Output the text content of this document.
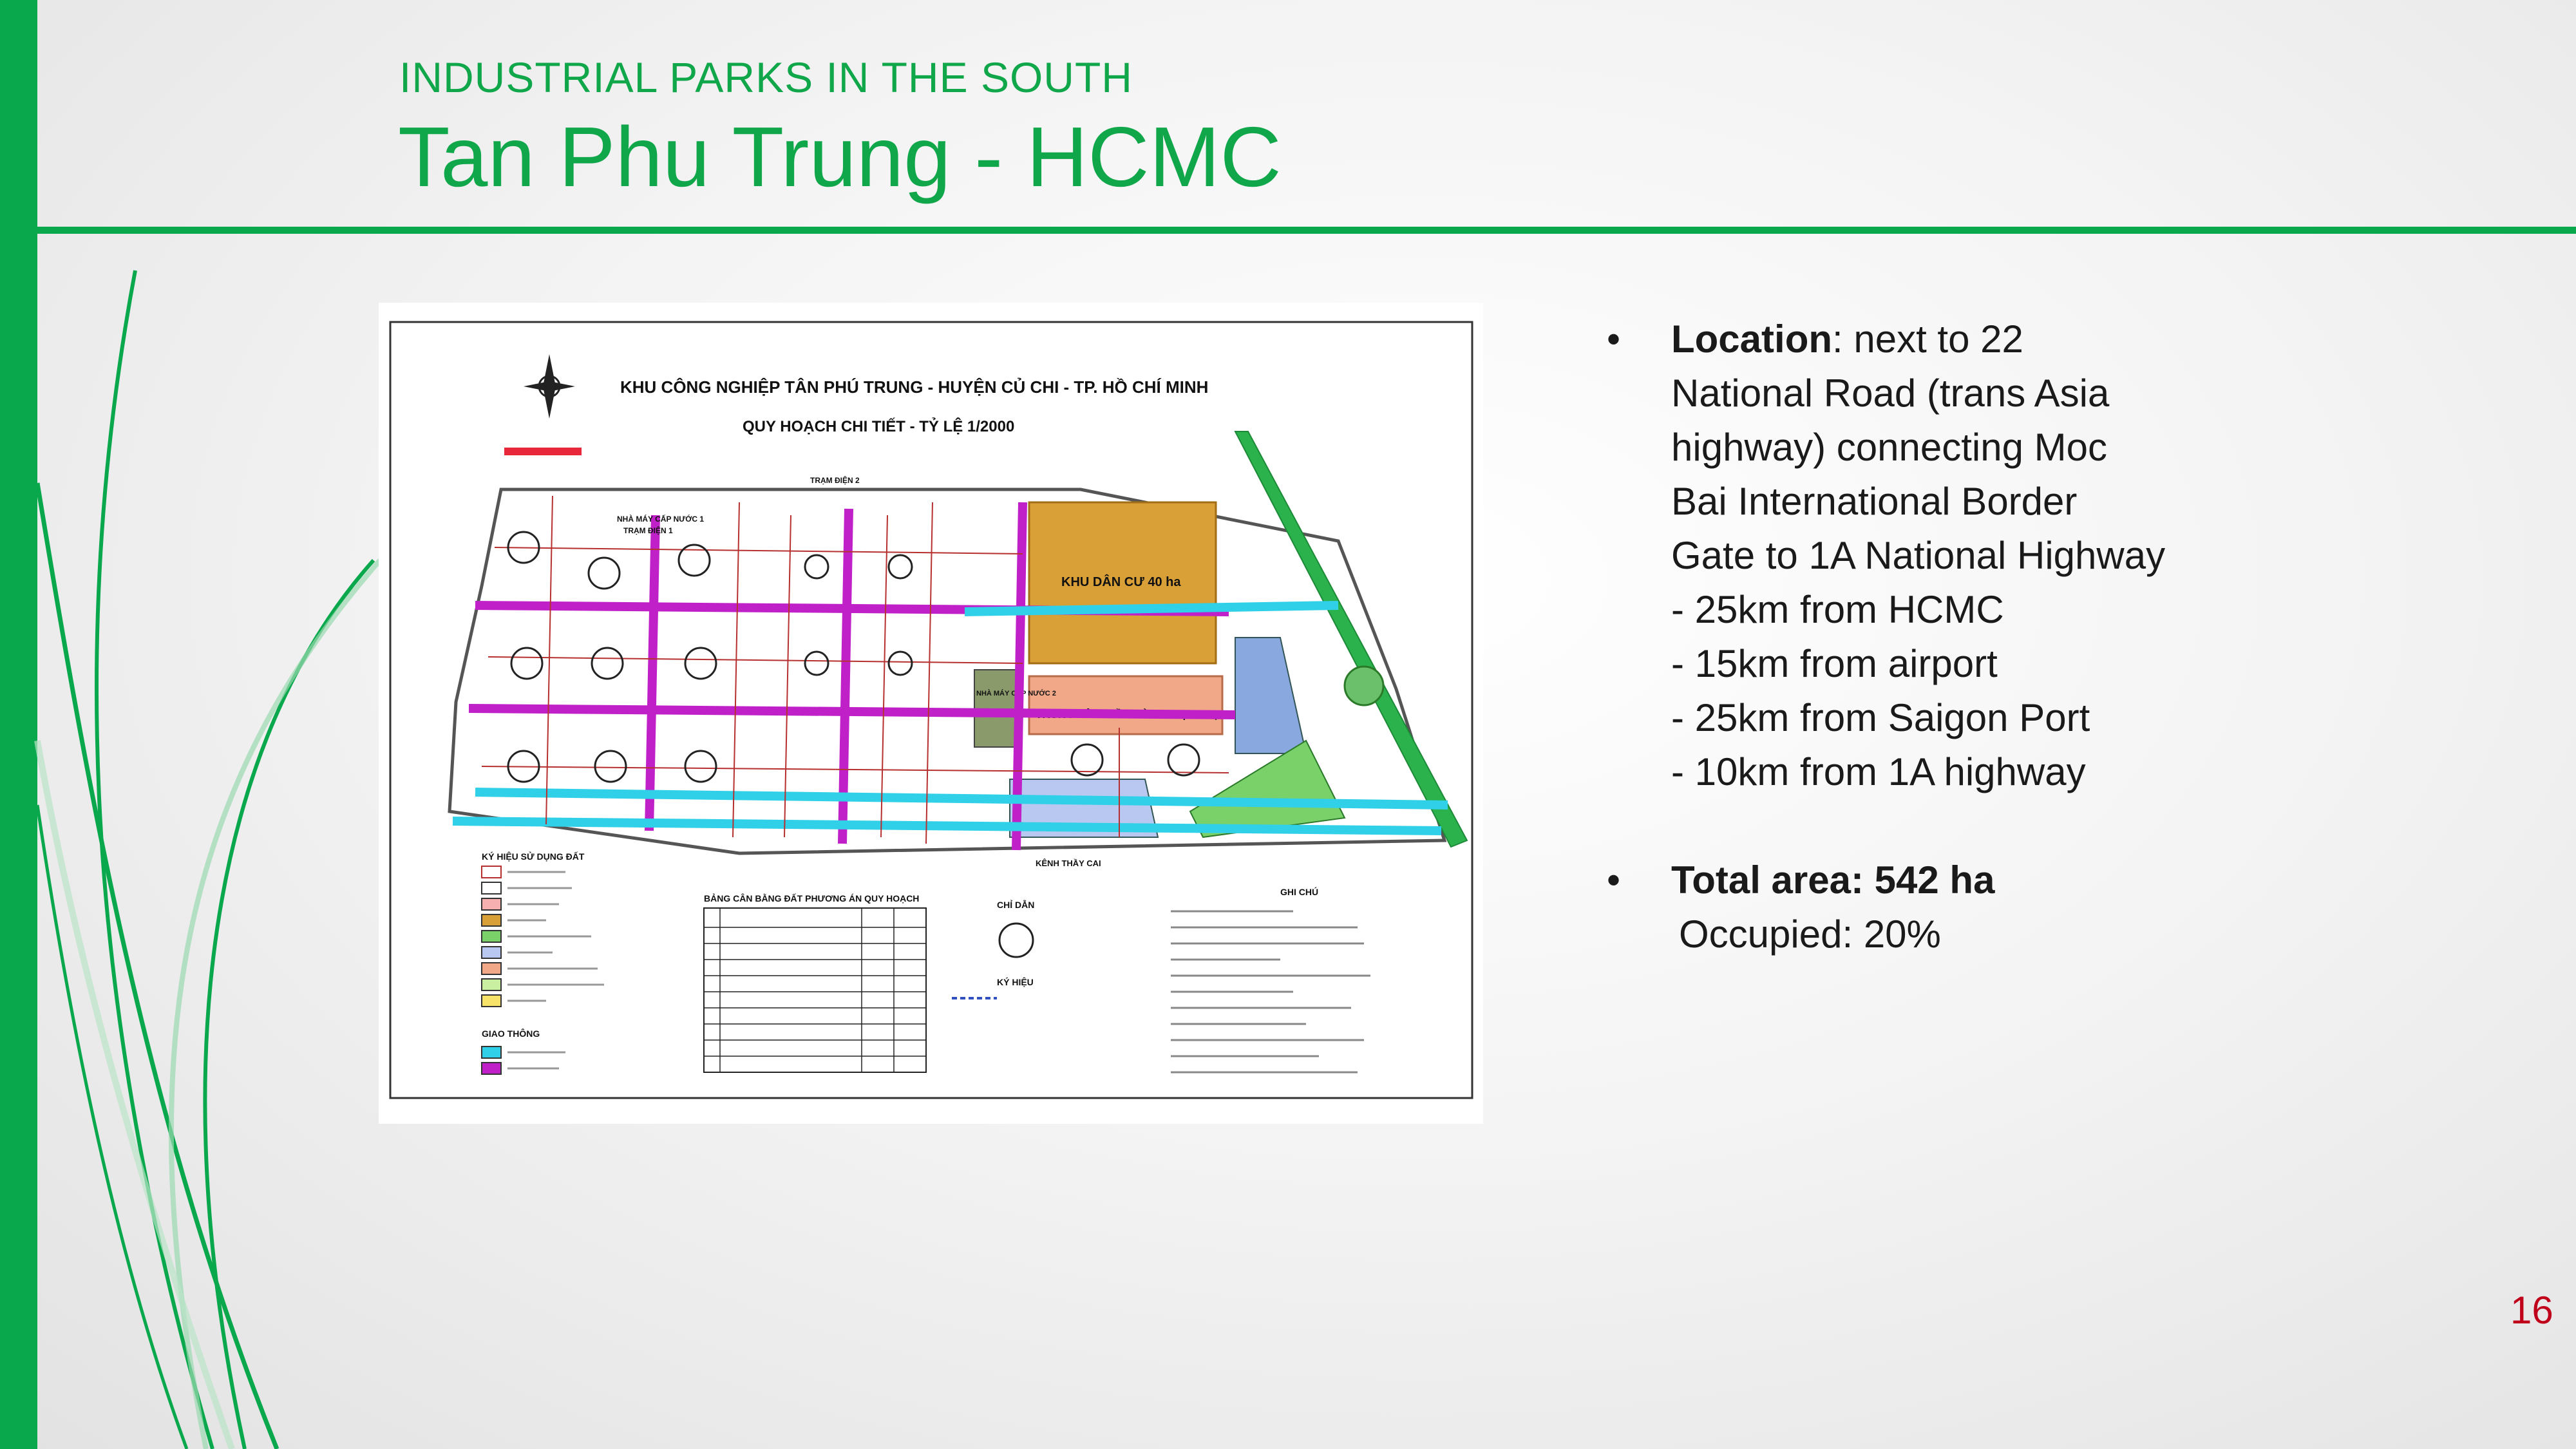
INDUSTRIAL PARKS IN THE SOUTH
Tan Phu Trung - HCMC
KHU CÔNG NGHIỆP TÂN PHÚ TRUNG - HUYỆN CỦ CHI - TP. HỒ CHÍ MINH
QUY HOẠCH CHI TIẾT - TỶ LỆ 1/2000
KHU DÂN CƯ 40 ha
TRUNG TÂM ĐIỀU HÀNH - DỊCH VỤ
NHÀ MÁY CẤP NƯỚC 2
NHÀ MÁY CẤP NƯỚC 1
TRẠM ĐIỆN 1
TRẠM ĐIỆN 2
KÊNH THẦY CAI
KÝ HIỆU SỬ DỤNG ĐẤT
GIAO THÔNG
BẢNG CÂN BẰNG ĐẤT PHƯƠNG ÁN QUY HOẠCH
CHỈ DẪN
KÝ HIỆU
GHI CHÚ
• Location: next to 22
National Road (trans Asia
highway) connecting Moc
Bai International Border
Gate to 1A National Highway
- 25km from HCMC
- 15km from airport
- 25km from Saigon Port
- 10km from 1A highway
• Total area: 542 ha
Occupied: 20%
16
